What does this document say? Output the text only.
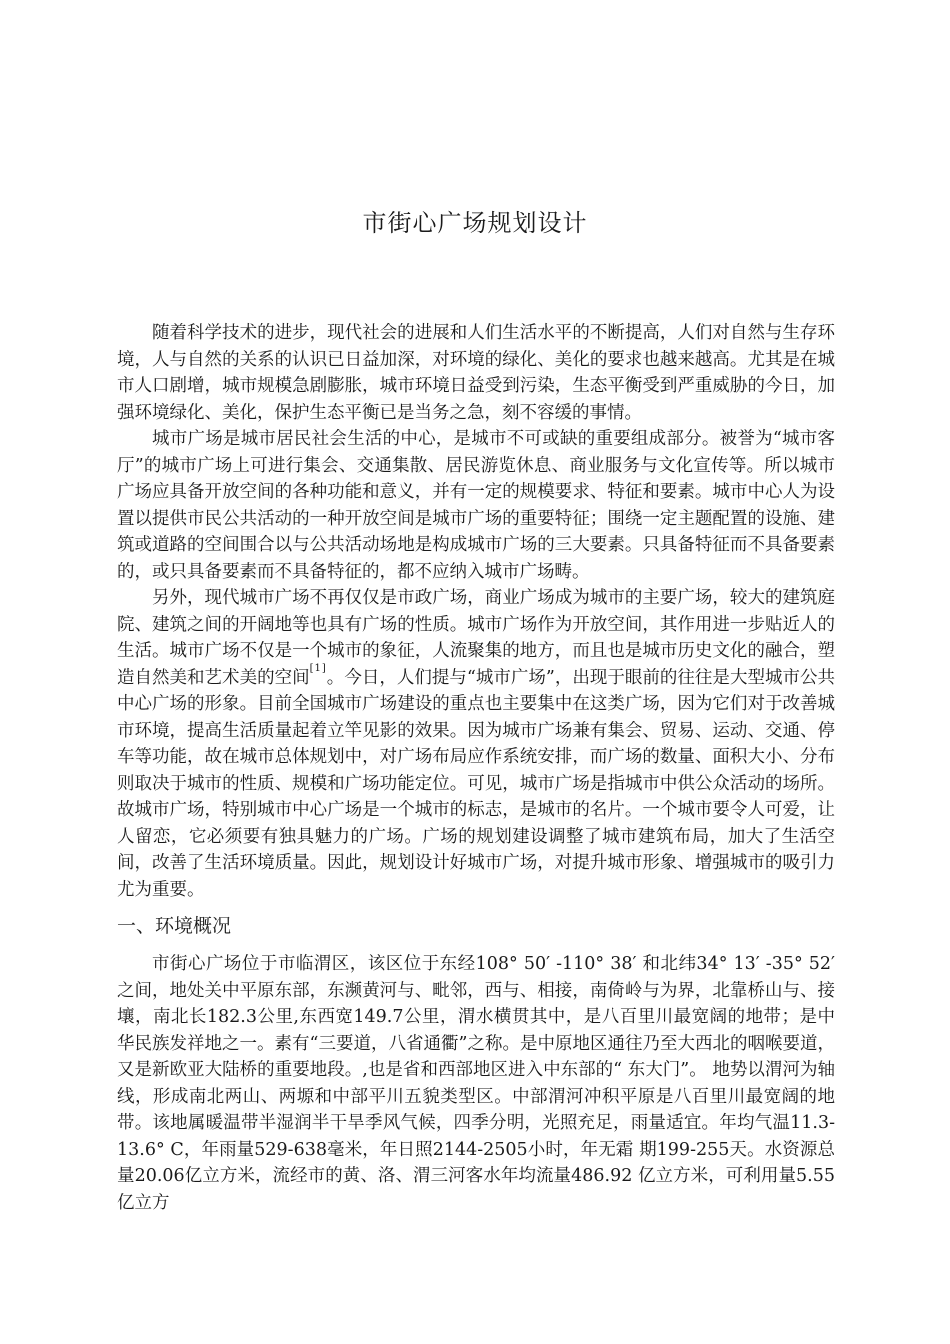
市街心广场规划设计

随着科学技术的进步，现代社会的进展和人们生活水平的不断提高，人们对自然与生存环境，人与自然的关系的认识已日益加深，对环境的绿化、美化的要求也越来越高。尤其是在城市人口剧增，城市规模急剧膨胀，城市环境日益受到污染，生态平衡受到严重威胁的今日，加强环境绿化、美化，保护生态平衡已是当务之急，刻不容缓的事情。

城市广场是城市居民社会生活的中心，是城市不可或缺的重要组成部分。被誉为“城市客厅”的城市广场上可进行集会、交通集散、居民游览休息、商业服务与文化宣传等。所以城市广场应具备开放空间的各种功能和意义，并有一定的规模要求、特征和要素。城市中心人为设置以提供市民公共活动的一种开放空间是城市广场的重要特征；围绕一定主题配置的设施、建筑或道路的空间围合以与公共活动场地是构成城市广场的三大要素。只具备特征而不具备要素的，或只具备要素而不具备特征的，都不应纳入城市广场畴。

另外，现代城市广场不再仅仅是市政广场，商业广场成为城市的主要广场，较大的建筑庭院、建筑之间的开阔地等也具有广场的性质。城市广场作为开放空间，其作用进一步贴近人的生活。城市广场不仅是一个城市的象征，人流聚集的地方，而且也是城市历史文化的融合，塑造自然美和艺术美的空间[1]。今日，人们提与“城市广场”，出现于眼前的往往是大型城市公共中心广场的形象。目前全国城市广场建设的重点也主要集中在这类广场，因为它们对于改善城市环境，提高生活质量起着立竿见影的效果。因为城市广场兼有集会、贸易、运动、交通、停车等功能，故在城市总体规划中，对广场布局应作系统安排，而广场的数量、面积大小、分布则取决于城市的性质、规模和广场功能定位。可见，城市广场是指城市中供公众活动的场所。故城市广场，特别城市中心广场是一个城市的标志，是城市的名片。一个城市要令人可爱，让人留恋，它必须要有独具魅力的广场。广场的规划建设调整了城市建筑布局，加大了生活空间，改善了生活环境质量。因此，规划设计好城市广场，对提升城市形象、增强城市的吸引力尤为重要。

一、环境概况

市街心广场位于市临渭区，该区位于东经108° 50′ -110° 38′ 和北纬34° 13′ -35° 52′ 之间，地处关中平原东部，东濒黄河与、毗邻，西与、相接，南倚岭与为界，北靠桥山与、接壤，南北长182.3公里,东西宽149.7公里，渭水横贯其中，是八百里川最宽阔的地带；是中华民族发祥地之一。素有“三要道，八省通衢”之称。是中原地区通往乃至大西北的咽喉要道，又是新欧亚大陆桥的重要地段。,也是省和西部地区进入中东部的“ 东大门”。 地势以渭河为轴线，形成南北两山、两塬和中部平川五貌类型区。中部渭河冲积平原是八百里川最宽阔的地带。该地属暖温带半湿润半干旱季风气候，四季分明，光照充足，雨量适宜。年均气温11.3-13.6° C，年雨量529-638毫米，年日照2144-2505小时，年无霜 期199-255天。水资源总量20.06亿立方米，流经市的黄、洛、渭三河客水年均流量486.92 亿立方米，可利用量5.55亿立方
